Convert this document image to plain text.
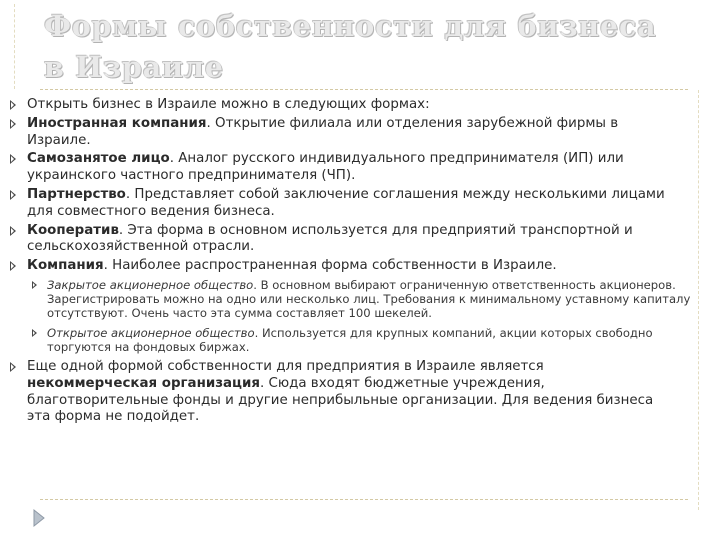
Формы собственности для бизнеса в Израиле
Открыть бизнес в Израиле можно в следующих формах:
Иностранная компания. Открытие филиала или отделения зарубежной фирмы в Израиле.
Самозанятое лицо. Аналог русского индивидуального предпринимателя (ИП) или украинского частного предпринимателя (ЧП).
Партнерство. Представляет собой заключение соглашения между несколькими лицами для совместного ведения бизнеса.
Кооператив. Эта форма в основном используется для предприятий транспортной и сельскохозяйственной отрасли.
Компания. Наиболее распространенная форма собственности в Израиле.
Закрытое акционерное общество. В основном выбирают ограниченную ответственность акционеров. Зарегистрировать можно на одно или несколько лиц. Требования к минимальному уставному капиталу отсутствуют. Очень часто эта сумма составляет 100 шекелей.
Открытое акционерное общество. Используется для крупных компаний, акции которых свободно торгуются на фондовых биржах.
Еще одной формой собственности для предприятия в Израиле является некоммерческая организация. Сюда входят бюджетные учреждения, благотворительные фонды и другие неприбыльные организации. Для ведения бизнеса эта форма не подойдет.
